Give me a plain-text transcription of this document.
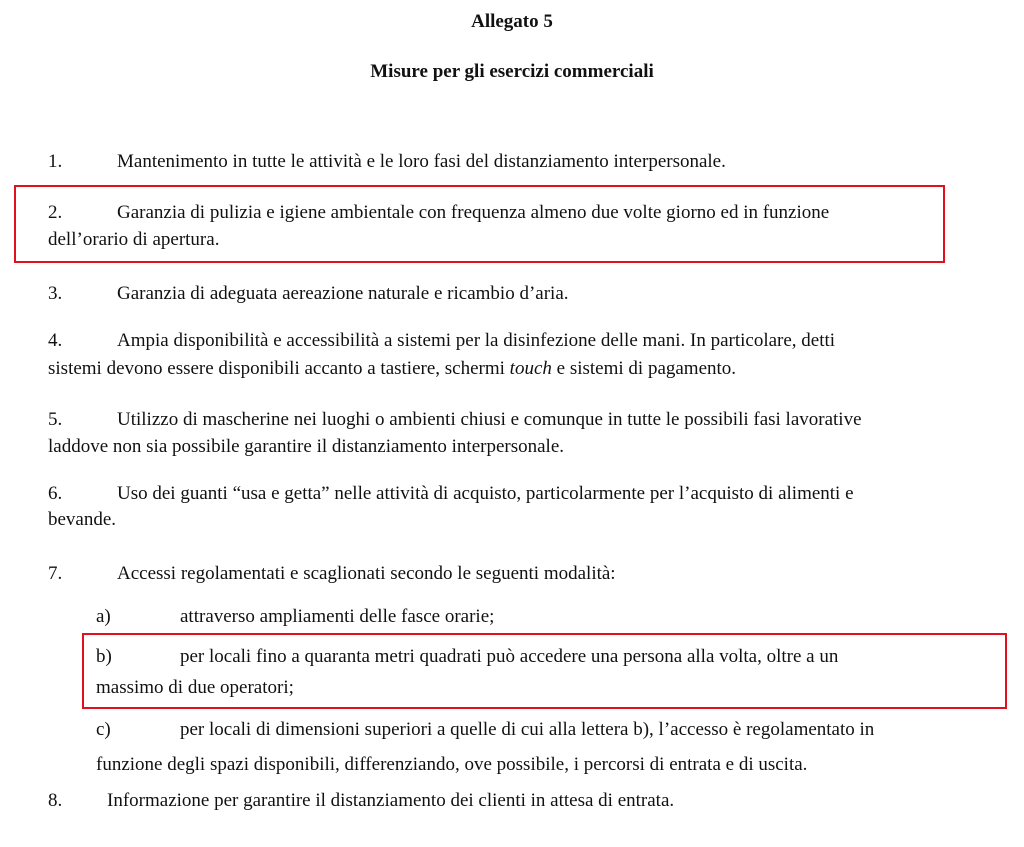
Allegato 5
Misure per gli esercizi commerciali
1.	Mantenimento in tutte le attività e le loro fasi del distanziamento interpersonale.
2.	Garanzia di pulizia e igiene ambientale con frequenza almeno due volte giorno ed in funzione
dell’orario di apertura.
3.	Garanzia di adeguata aereazione naturale e ricambio d’aria.
4.	Ampia disponibilità e accessibilità a sistemi per la disinfezione delle mani. In particolare, detti
sistemi devono essere disponibili accanto a tastiere, schermi touch e sistemi di pagamento.
5.	Utilizzo di mascherine nei luoghi o ambienti chiusi e comunque in tutte le possibili fasi lavorative
laddove non sia possibile garantire il distanziamento interpersonale.
6.	Uso dei guanti “usa e getta” nelle attività di acquisto, particolarmente per l’acquisto di alimenti e
bevande.
7.	Accessi regolamentati e scaglionati secondo le seguenti modalità:
a)	attraverso ampliamenti delle fasce orarie;
b)	per locali fino a quaranta metri quadrati può accedere una persona alla volta, oltre a un
massimo di due operatori;
c)	per locali di dimensioni superiori a quelle di cui alla lettera b), l’accesso è regolamentato in
funzione degli spazi disponibili, differenziando, ove possibile, i percorsi di entrata e di uscita.
8. Informazione per garantire il distanziamento dei clienti in attesa di entrata.
